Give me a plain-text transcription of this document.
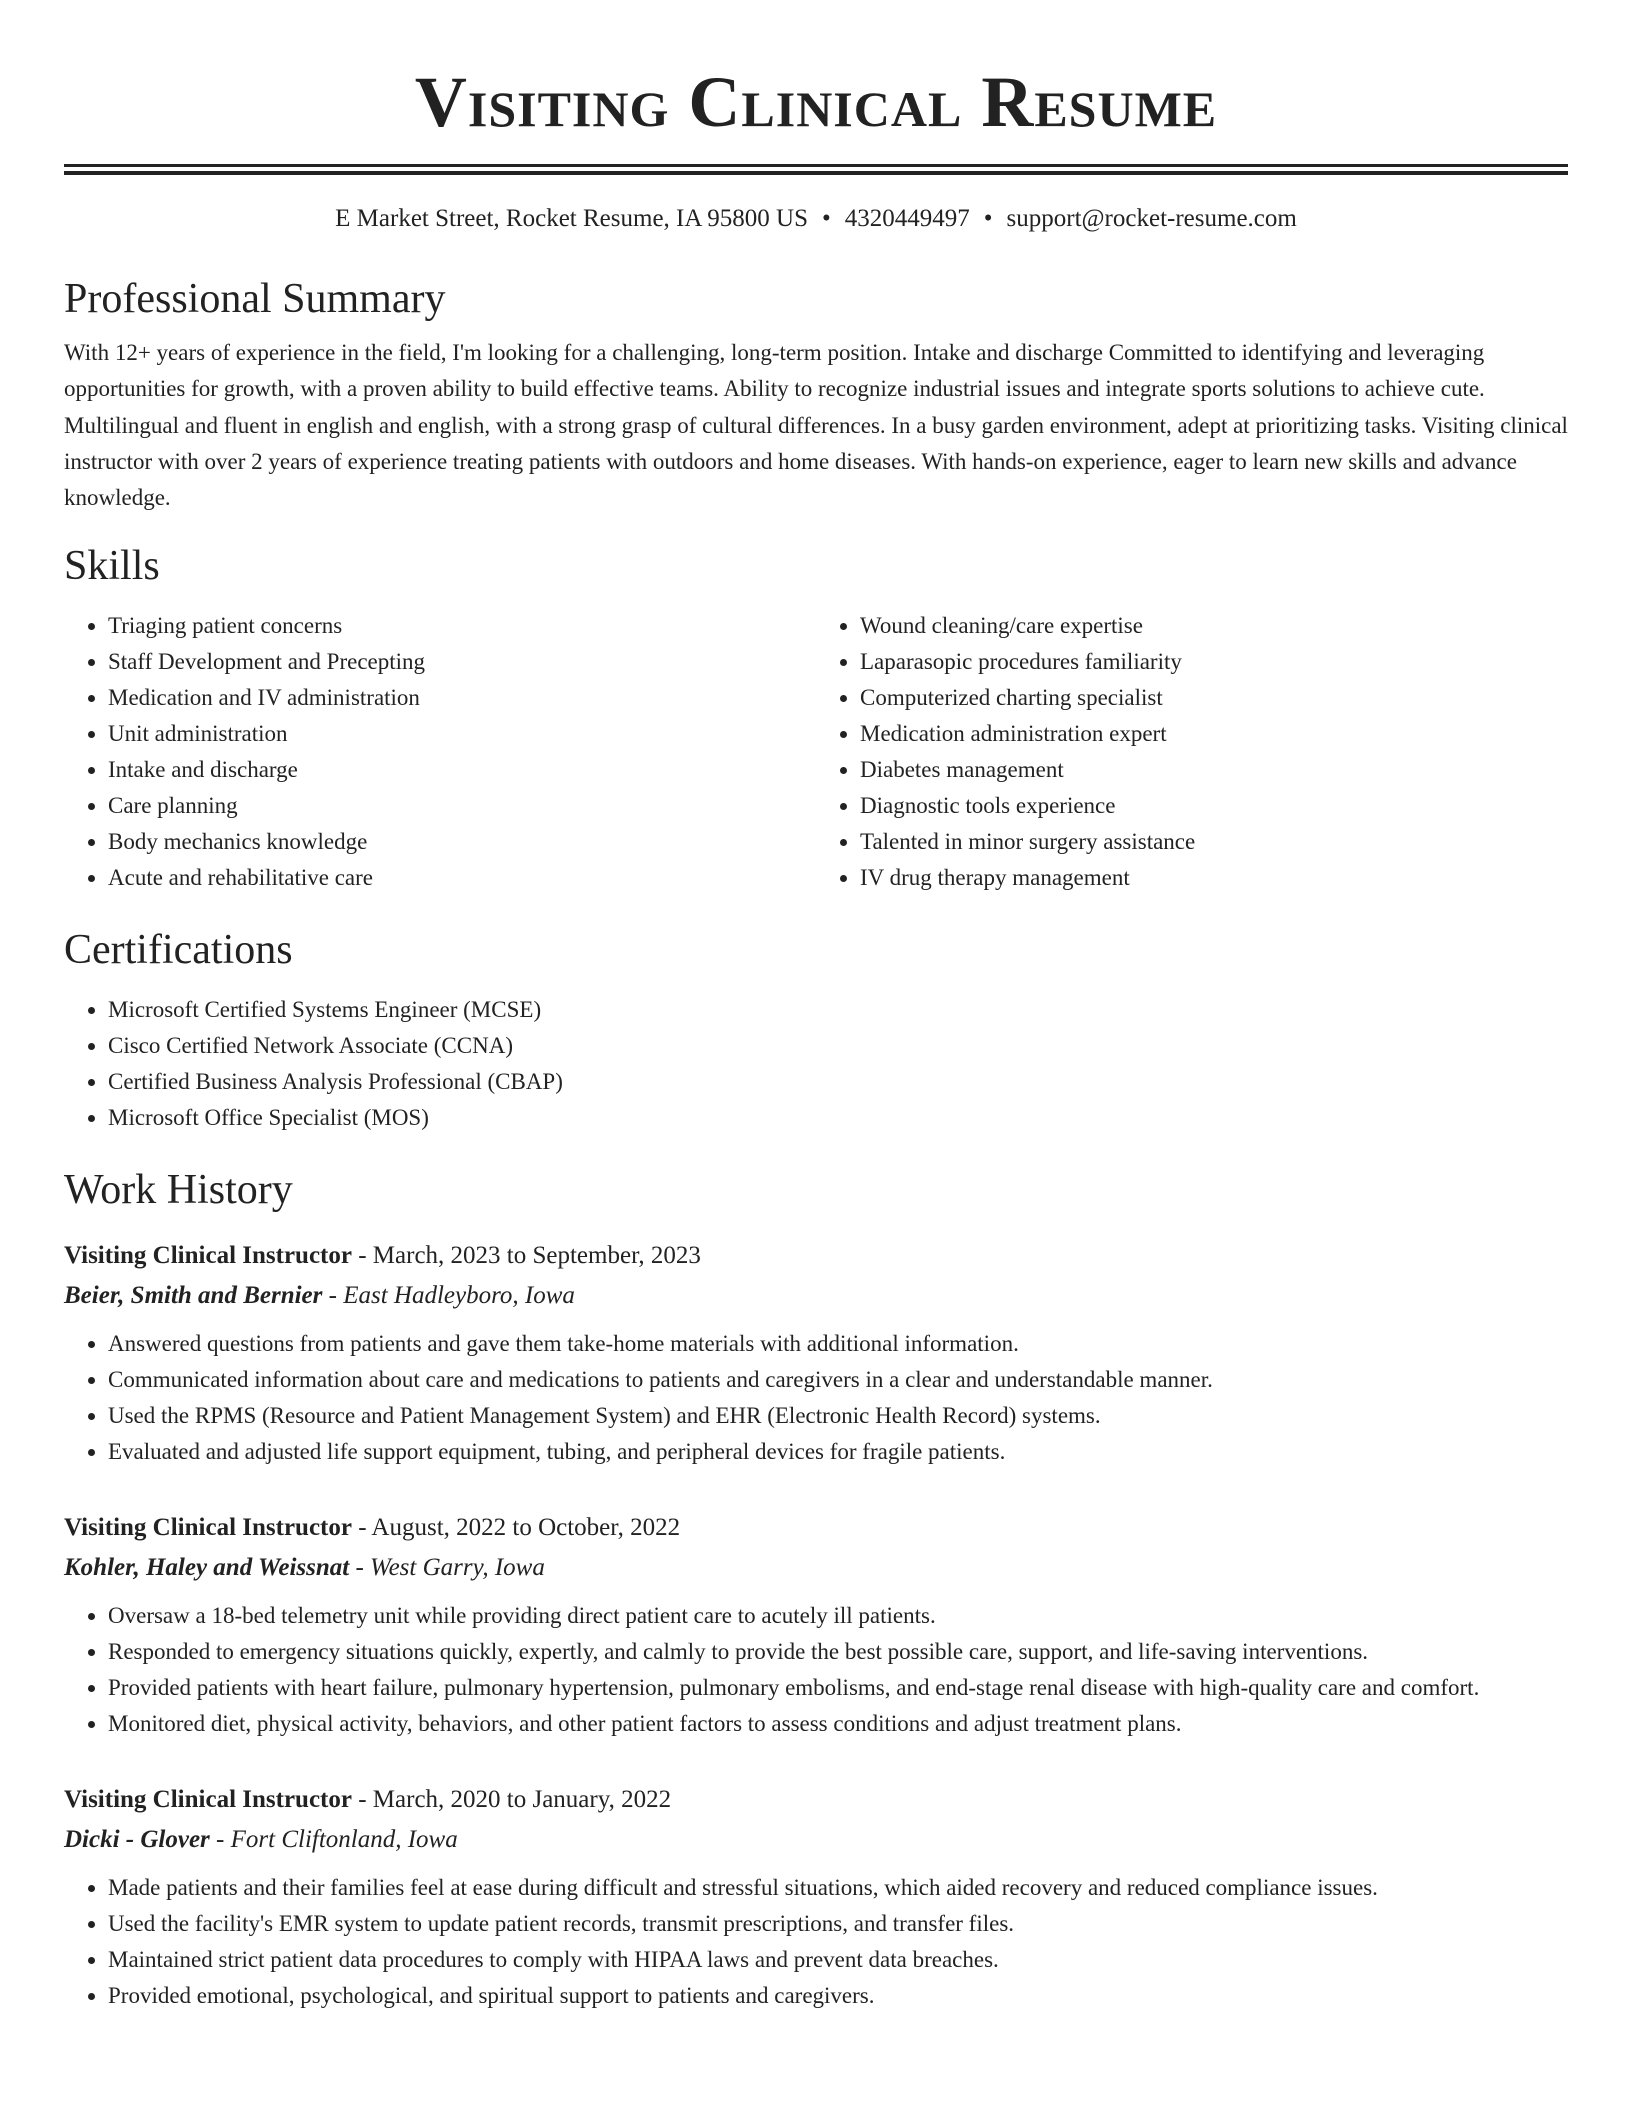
Visiting Clinical Resume
E Market Street, Rocket Resume, IA 95800 US • 4320449497 • support@rocket-resume.com
Professional Summary

With 12+ years of experience in the field, I'm looking for a challenging, long-term position. Intake and discharge Committed to identifying and leveraging opportunities for growth, with a proven ability to build effective teams. Ability to recognize industrial issues and integrate sports solutions to achieve cute. Multilingual and fluent in english and english, with a strong grasp of cultural differences. In a busy garden environment, adept at prioritizing tasks. Visiting clinical instructor with over 2 years of experience treating patients with outdoors and home diseases. With hands-on experience, eager to learn new skills and advance knowledge.

Skills
• Triaging patient concerns
• Staff Development and Precepting
• Medication and IV administration
• Unit administration
• Intake and discharge
• Care planning
• Body mechanics knowledge
• Acute and rehabilitative care
• Wound cleaning/care expertise
• Laparasopic procedures familiarity
• Computerized charting specialist
• Medication administration expert
• Diabetes management
• Diagnostic tools experience
• Talented in minor surgery assistance
• IV drug therapy management
Certifications
• Microsoft Certified Systems Engineer (MCSE)
• Cisco Certified Network Associate (CCNA)
• Certified Business Analysis Professional (CBAP)
• Microsoft Office Specialist (MOS)
Work History
Visiting Clinical Instructor - March, 2023 to September, 2023
Beier, Smith and Bernier - East Hadleyboro, Iowa
• Answered questions from patients and gave them take-home materials with additional information.
• Communicated information about care and medications to patients and caregivers in a clear and understandable manner.
• Used the RPMS (Resource and Patient Management System) and EHR (Electronic Health Record) systems.
• Evaluated and adjusted life support equipment, tubing, and peripheral devices for fragile patients.
Visiting Clinical Instructor - August, 2022 to October, 2022
Kohler, Haley and Weissnat - West Garry, Iowa
• Oversaw a 18-bed telemetry unit while providing direct patient care to acutely ill patients.
• Responded to emergency situations quickly, expertly, and calmly to provide the best possible care, support, and life-saving interventions.
• Provided patients with heart failure, pulmonary hypertension, pulmonary embolisms, and end-stage renal disease with high-quality care and comfort.
• Monitored diet, physical activity, behaviors, and other patient factors to assess conditions and adjust treatment plans.
Visiting Clinical Instructor - March, 2020 to January, 2022
Dicki - Glover - Fort Cliftonland, Iowa
• Made patients and their families feel at ease during difficult and stressful situations, which aided recovery and reduced compliance issues.
• Used the facility's EMR system to update patient records, transmit prescriptions, and transfer files.
• Maintained strict patient data procedures to comply with HIPAA laws and prevent data breaches.
• Provided emotional, psychological, and spiritual support to patients and caregivers.
